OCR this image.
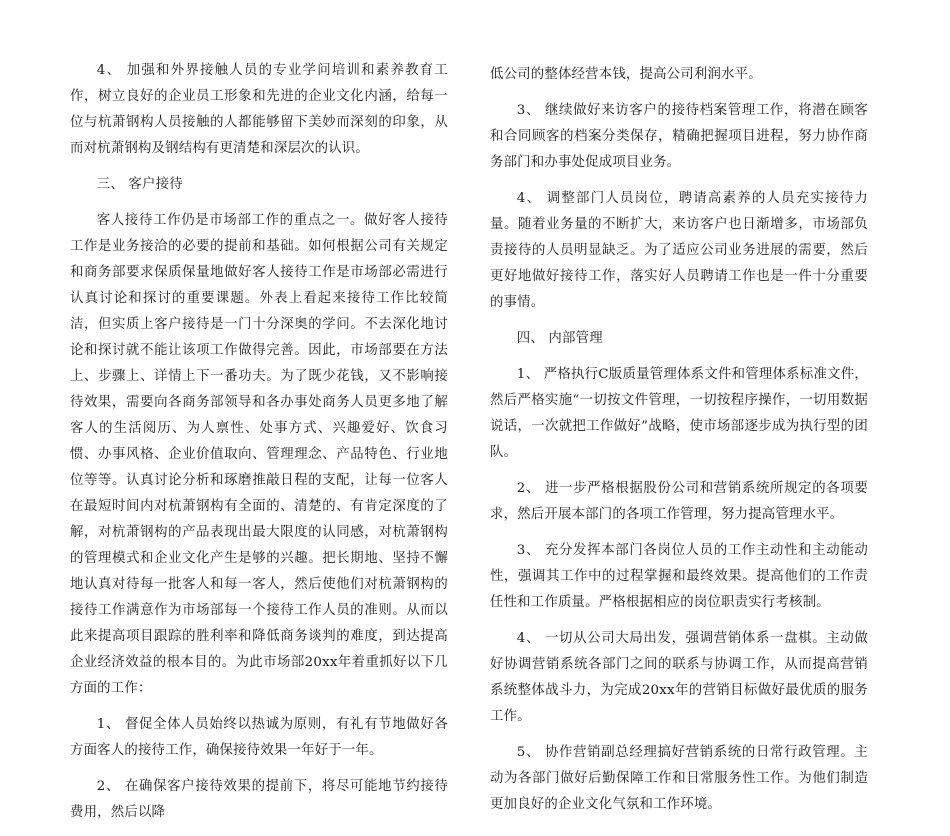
4、 加强和外界接触人员的专业学问培训和素养教育工作，树立良好的企业员工形象和先进的企业文化内涵，给每一位与杭萧钢构人员接触的人都能够留下美妙而深刻的印象，从而对杭萧钢构及钢结构有更清楚和深层次的认识。

三、 客户接待

客人接待工作仍是市场部工作的重点之一。做好客人接待工作是业务接洽的必要的提前和基础。如何根据公司有关规定和商务部要求保质保量地做好客人接待工作是市场部必需进行认真讨论和探讨的重要课题。外表上看起来接待工作比较简洁，但实质上客户接待是一门十分深奥的学问。不去深化地讨论和探讨就不能让该项工作做得完善。因此，市场部要在方法上、步骤上、详情上下一番功夫。为了既少花钱，又不影响接待效果，需要向各商务部领导和各办事处商务人员更多地了解客人的生活阅历、为人禀性、处事方式、兴趣爱好、饮食习惯、办事风格、企业价值取向、管理理念、产品特色、行业地位等等。认真讨论分析和琢磨推敲日程的支配，让每一位客人在最短时间内对杭萧钢构有全面的、清楚的、有肯定深度的了解，对杭萧钢构的产品表现出最大限度的认同感，对杭萧钢构的管理模式和企业文化产生是够的兴趣。把长期地、坚持不懈地认真对待每一批客人和每一客人，然后使他们对杭萧钢构的接待工作满意作为市场部每一个接待工作人员的准则。从而以此来提高项目跟踪的胜利率和降低商务谈判的难度，到达提高企业经济效益的根本目的。为此市场部20xx年着重抓好以下几方面的工作：

1、 督促全体人员始终以热诚为原则，有礼有节地做好各方面客人的接待工作，确保接待效果一年好于一年。

2、 在确保客户接待效果的提前下，将尽可能地节约接待费用，然后以降

低公司的整体经营本钱，提高公司利润水平。

3、 继续做好来访客户的接待档案管理工作，将潜在顾客和合同顾客的档案分类保存，精确把握项目进程，努力协作商务部门和办事处促成项目业务。

4、 调整部门人员岗位，聘请高素养的人员充实接待力量。随着业务量的不断扩大，来访客户也日渐增多，市场部负责接待的人员明显缺乏。为了适应公司业务进展的需要，然后更好地做好接待工作，落实好人员聘请工作也是一件十分重要的事情。

四、 内部管理

1、 严格执行C版质量管理体系文件和管理体系标准文件，然后严格实施“一切按文件管理，一切按程序操作，一切用数据说话，一次就把工作做好”战略，使市场部逐步成为执行型的团队。

2、 进一步严格根据股份公司和营销系统所规定的各项要求，然后开展本部门的各项工作管理，努力提高管理水平。

3、 充分发挥本部门各岗位人员的工作主动性和主动能动性，强调其工作中的过程掌握和最终效果。提高他们的工作责任性和工作质量。严格根据相应的岗位职责实行考核制。

4、 一切从公司大局出发，强调营销体系一盘棋。主动做好协调营销系统各部门之间的联系与协调工作，从而提高营销系统整体战斗力，为完成20xx年的营销目标做好最优质的服务工作。

5、 协作营销副总经理搞好营销系统的日常行政管理。主动为各部门做好后勤保障工作和日常服务性工作。为他们制造更加良好的企业文化气氛和工作环境。
